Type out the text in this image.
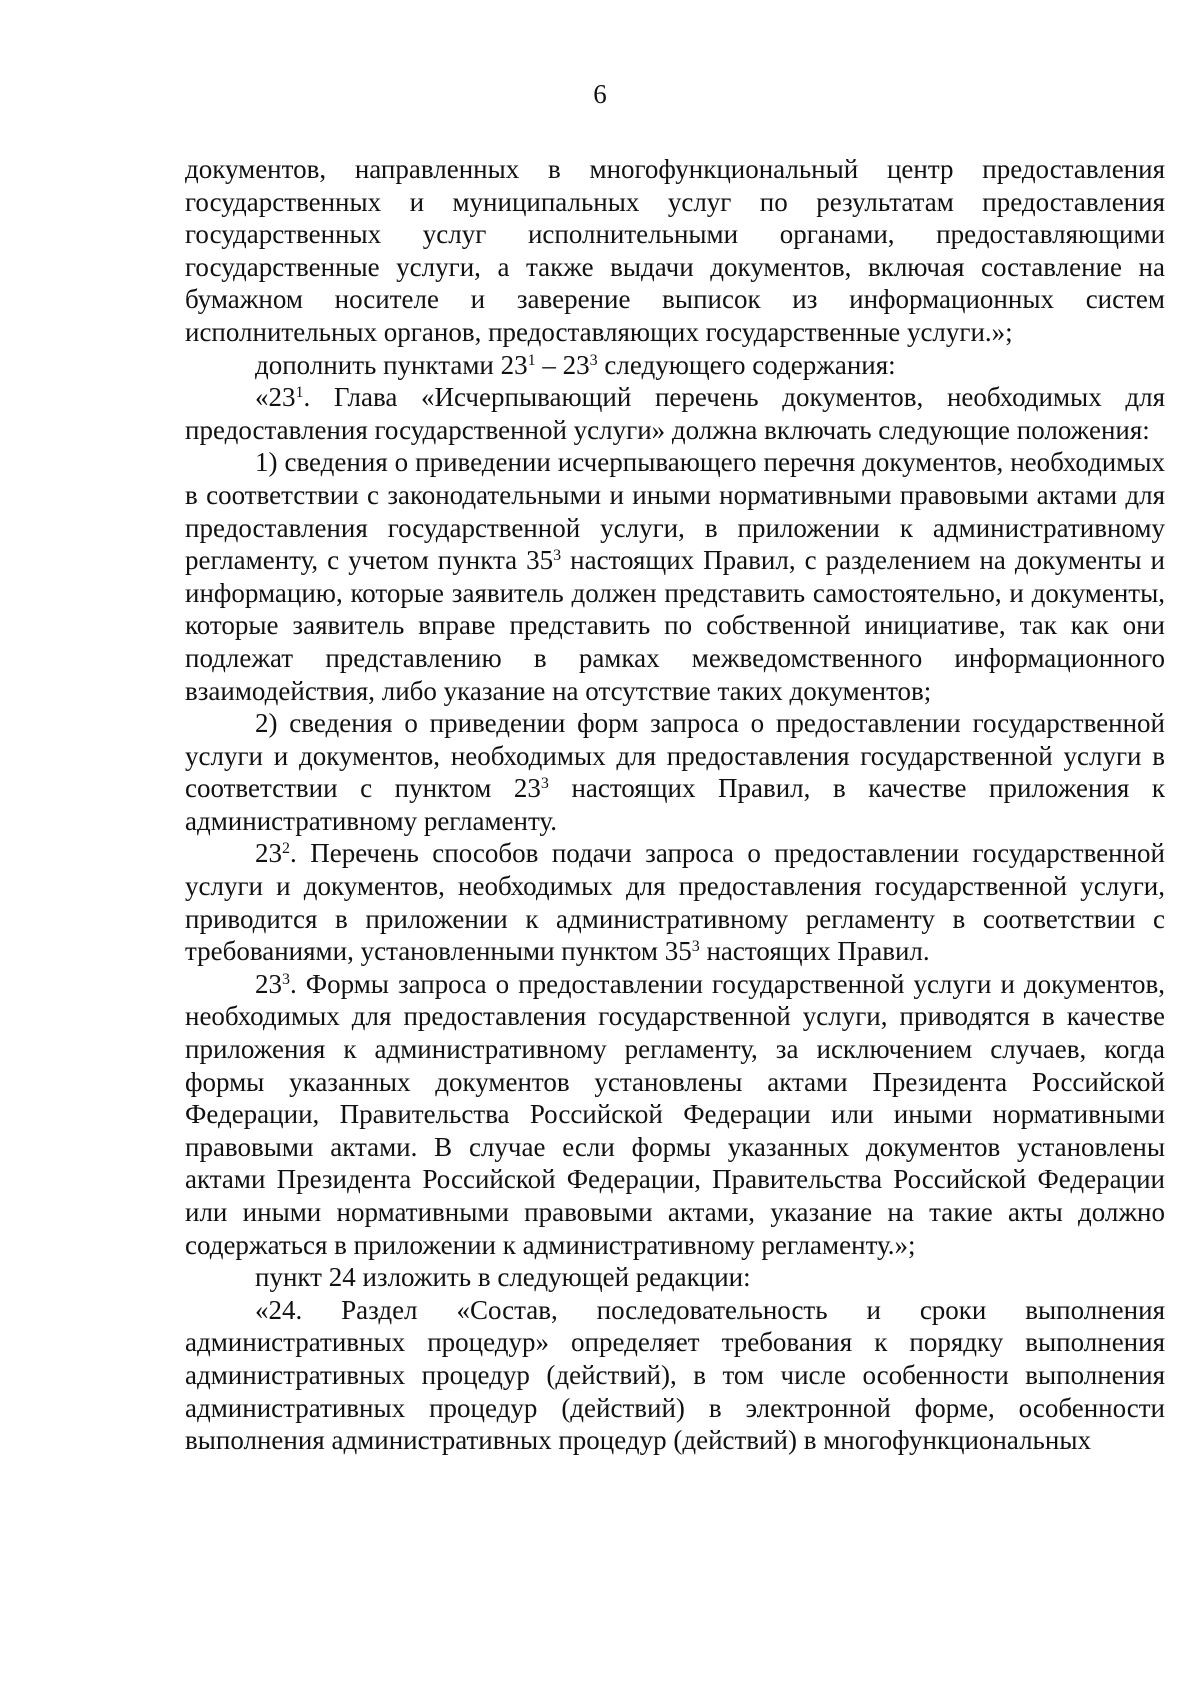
6

документов, направленных в многофункциональный центр предоставления государственных и муниципальных услуг по результатам предоставления государственных услуг исполнительными органами, предоставляющими государственные услуги, а также выдачи документов, включая составление на бумажном носителе и заверение выписок из информационных систем исполнительных органов, предоставляющих государственные услуги.»;

дополнить пунктами $23^1 - 23^3$ следующего содержания:

«$23^1$. Глава «Исчерпывающий перечень документов, необходимых для предоставления государственной услуги» должна включать следующие положения:

1) сведения о приведении исчерпывающего перечня документов, необходимых в соответствии с законодательными и иными нормативными правовыми актами для предоставления государственной услуги, в приложении к административному регламенту, с учетом пункта $35^3$ настоящих Правил, с разделением на документы и информацию, которые заявитель должен представить самостоятельно, и документы, которые заявитель вправе представить по собственной инициативе, так как они подлежат представлению в рамках межведомственного информационного взаимодействия, либо указание на отсутствие таких документов;

2) сведения о приведении форм запроса о предоставлении государственной услуги и документов, необходимых для предоставления государственной услуги в соответствии с пунктом $23^3$ настоящих Правил, в качестве приложения к административному регламенту.

$23^2$. Перечень способов подачи запроса о предоставлении государственной услуги и документов, необходимых для предоставления государственной услуги, приводится в приложении к административному регламенту в соответствии с требованиями, установленными пунктом $35^3$ настоящих Правил.

$23^3$. Формы запроса о предоставлении государственной услуги и документов, необходимых для предоставления государственной услуги, приводятся в качестве приложения к административному регламенту, за исключением случаев, когда формы указанных документов установлены актами Президента Российской Федерации, Правительства Российской Федерации или иными нормативными правовыми актами. В случае если формы указанных документов установлены актами Президента Российской Федерации, Правительства Российской Федерации или иными нормативными правовыми актами, указание на такие акты должно содержаться в приложении к административному регламенту.»;

пункт 24 изложить в следующей редакции:

«24. Раздел «Состав, последовательность и сроки выполнения административных процедур» определяет требования к порядку выполнения административных процедур (действий), в том числе особенности выполнения административных процедур (действий) в электронной форме, особенности выполнения административных процедур (действий) в многофункциональных
